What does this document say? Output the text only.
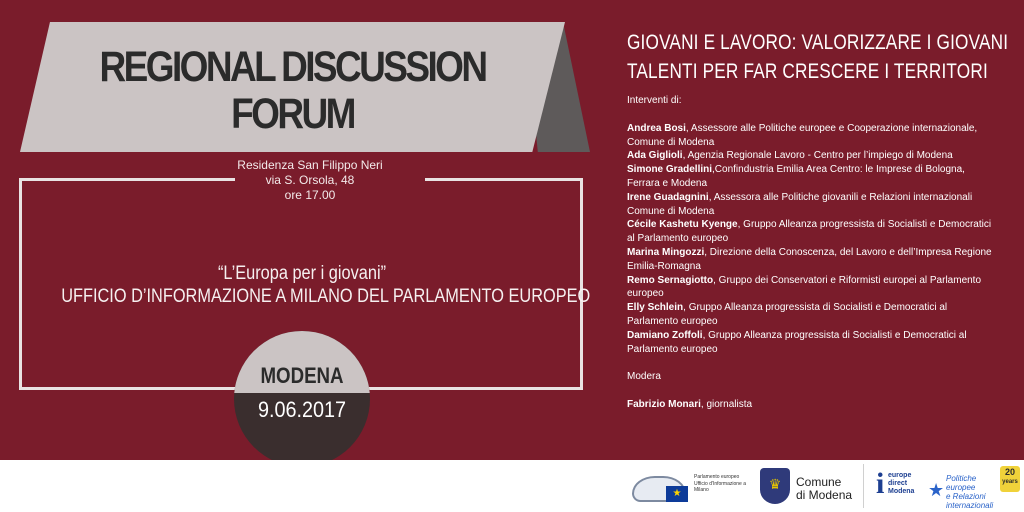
REGIONAL DISCUSSION
FORUM
Residenza San Filippo Neri
via S. Orsola, 48
ore 17.00
“L’Europa per i giovani”
UFFICIO D’INFORMAZIONE A MILANO DEL PARLAMENTO EUROPEO
MODENA
9.06.2017
GIOVANI E LAVORO: VALORIZZARE I GIOVANI
TALENTI PER FAR CRESCERE I TERRITORI
Interventi di:
Andrea Bosi, Assessore alle Politiche europee e Cooperazione internazionale, Comune di Modena
Ada Giglioli, Agenzia Regionale Lavoro - Centro per l’impiego di Modena
Simone Gradellini,Confindustria Emilia Area Centro: le Imprese di Bologna, Ferrara e Modena
Irene Guadagnini, Assessora alle Politiche giovanili e Relazioni internazionali Comune di Modena
Cécile Kashetu Kyenge, Gruppo Alleanza progressista di Socialisti e Democratici al Parlamento europeo
Marina Mingozzi, Direzione della Conoscenza, del Lavoro e dell’Impresa Regione Emilia-Romagna
Remo Sernagiotto, Gruppo dei Conservatori e Riformisti europei al Parlamento europeo
Elly Schlein, Gruppo Alleanza progressista di Socialisti e Democratici al Parlamento europeo
Damiano Zoffoli, Gruppo Alleanza progressista di Socialisti e Democratici al Parlamento europeo
Modera
Fabrizio Monari, giornalista
★
Parlamento europeo Ufficio d'Informazione a Milano	♛	Comune
di Modena i europe
direct
Modena ★
Politiche
europee
e Relazioni
internazionali
20
years
